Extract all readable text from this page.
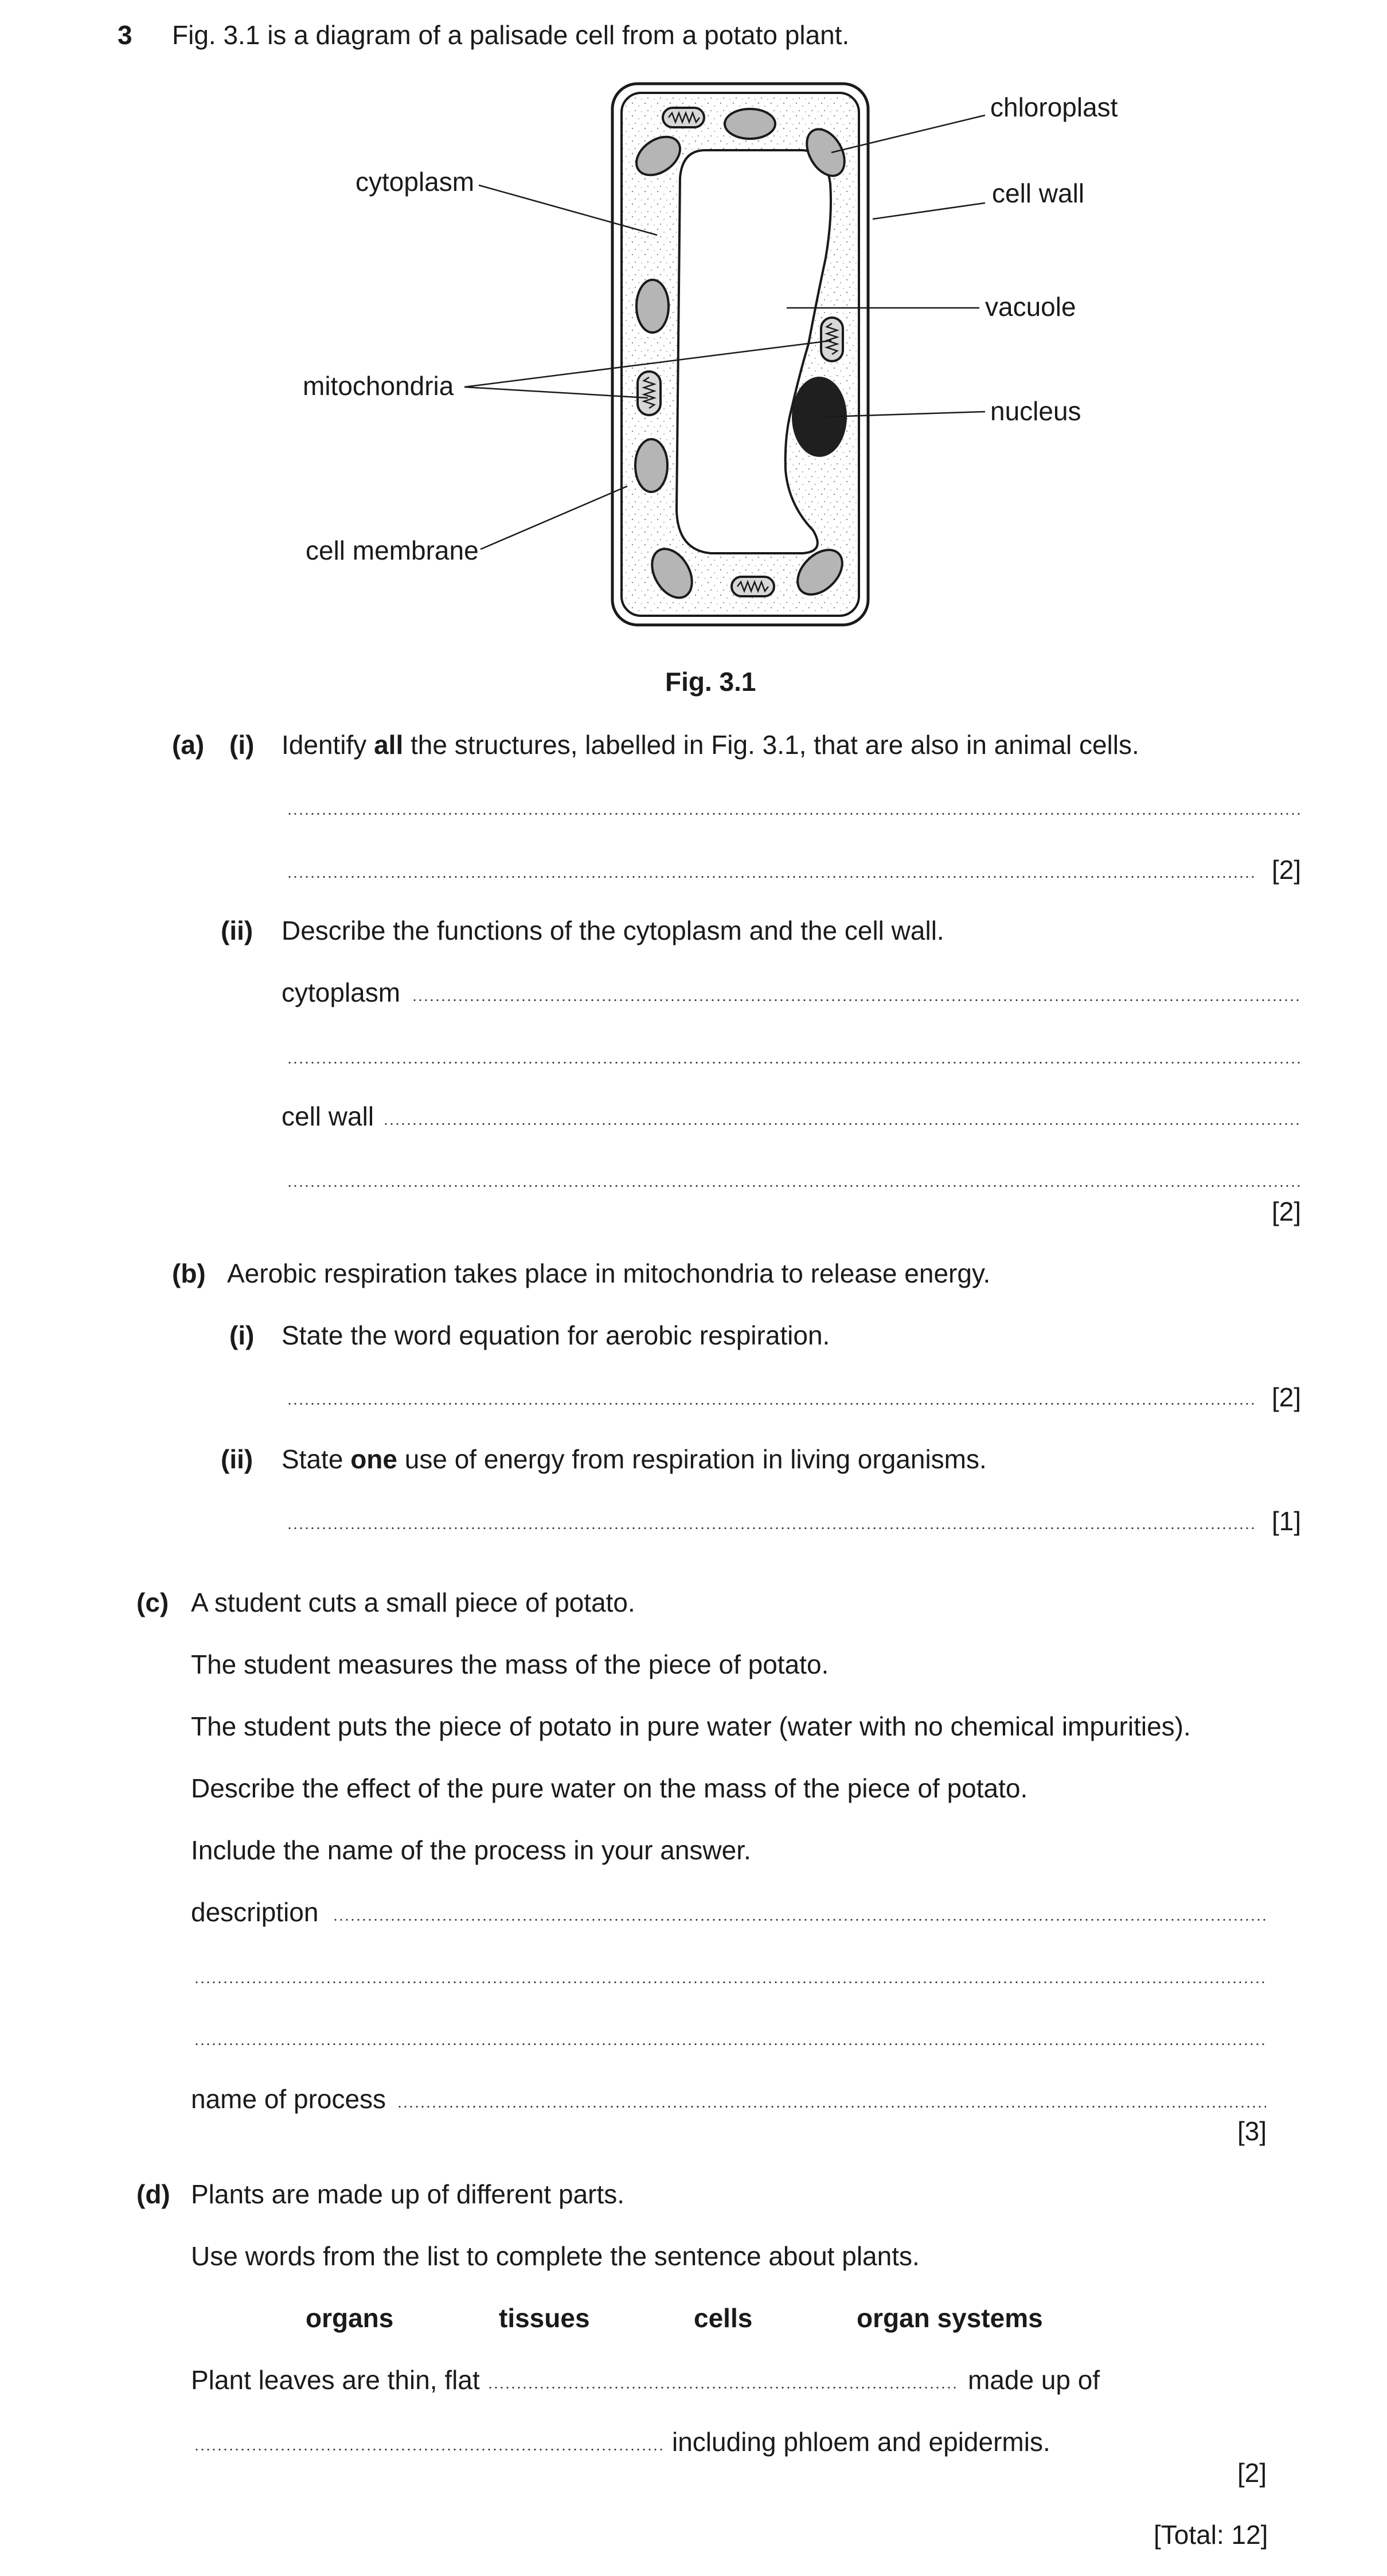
3 Fig. 3.1 is a diagram of a palisade cell from a potato plant.
chloroplast
cell wall
cytoplasm
vacuole
mitochondria
nucleus
cell membrane
Fig. 3.1
(a) (i) Identify all the structures, labelled in Fig. 3.1, that are also in animal cells.
[2]
(ii) Describe the functions of the cytoplasm and the cell wall.
cytoplasm
cell wall
[2]
(b) Aerobic respiration takes place in mitochondria to release energy.
(i) State the word equation for aerobic respiration.
[2]
(ii) State one use of energy from respiration in living organisms.
[1]
(c) A student cuts a small piece of potato.
The student measures the mass of the piece of potato.
The student puts the piece of potato in pure water (water with no chemical impurities).
Describe the effect of the pure water on the mass of the piece of potato.
Include the name of the process in your answer.
description
name of process
[3]
(d) Plants are made up of different parts.
Use words from the list to complete the sentence about plants.
organs	tissues	cells	organ systems
Plant leaves are thin, flat	made up of
including phloem and epidermis.
[2]
[Total: 12]
